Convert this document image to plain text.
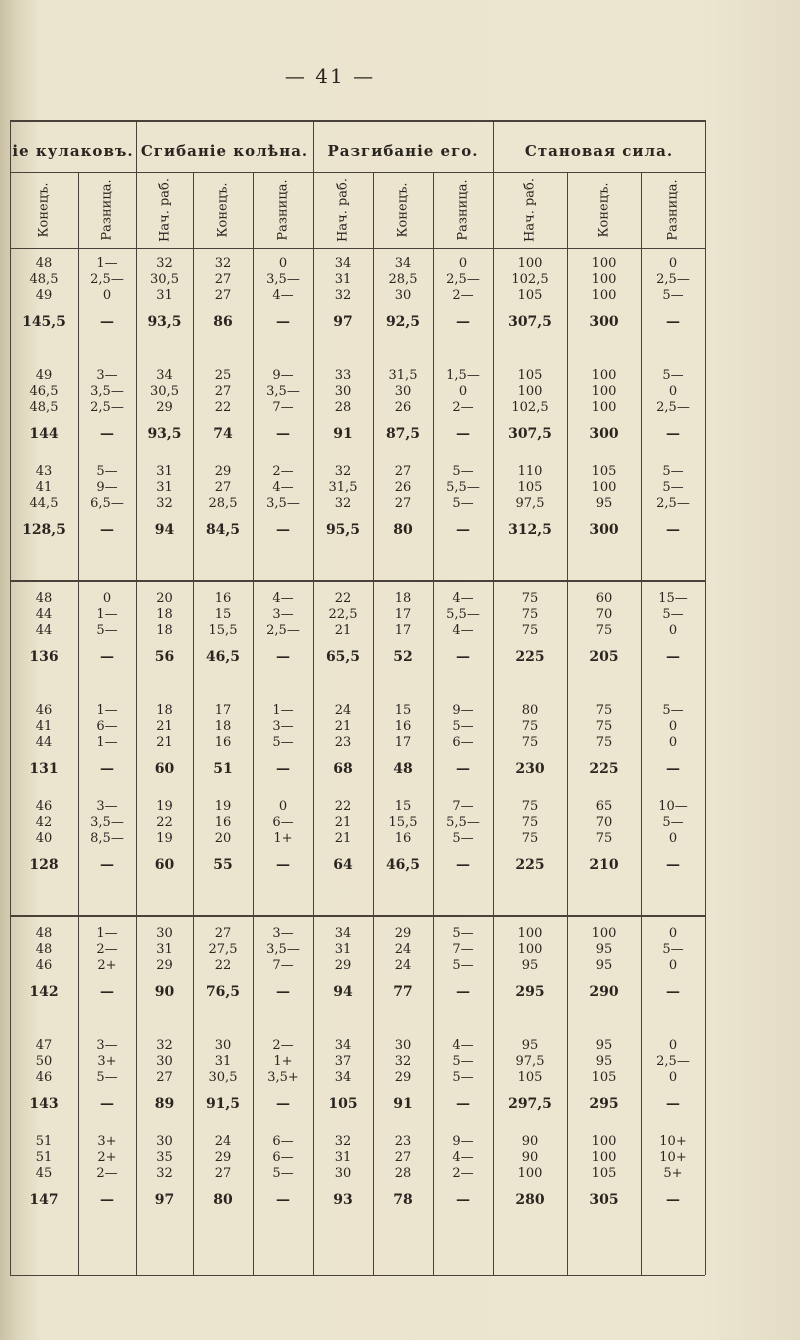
— 41 —
іе кулаковъ. Сгибаніе колѣна.	Разгибаніе его.	Становая сила.
Конецъ.	Разница.	Нач. раб.	Конецъ.	Разница.	Нач. раб.	Конецъ.	Разница.	Нач. раб.	Конецъ.	Разница.
48	1—	32	32	0	34	34	0	100	100	0
48,5	2,5—	30,5	27	3,5—	31	28,5	2,5—	102,5	100	2,5—
49	0	31	27	4—	32	30	2—	105	100	5—
145,5	—	93,5	86	—	97	92,5	—	307,5	300	—
49	3—	34	25	9—	33	31,5	1,5—	105	100	5—
46,5	3,5—	30,5	27	3,5—	30	30	0	100	100	0
48,5	2,5—	29	22	7—	28	26	2—	102,5	100	2,5—
144	—	93,5	74	—	91	87,5	—	307,5	300	—
43	5—	31	29	2—	32	27	5—	110	105	5—
41	9—	31	27	4—	31,5	26	5,5—	105	100	5—
44,5	6,5—	32	28,5	3,5—	32	27	5—	97,5	95	2,5—
128,5	—	94	84,5	—	95,5	80	—	312,5	300	—
48	0	20	16	4—	22	18	4—	75	60	15—
44	1—	18	15	3—	22,5	17	5,5—	75	70	5—
44	5—	18	15,5	2,5—	21	17	4—	75	75	0
136	—	56	46,5	—	65,5	52	—	225	205	—
46	1—	18	17	1—	24	15	9—	80	75	5—
41	6—	21	18	3—	21	16	5—	75	75	0
44	1—	21	16	5—	23	17	6—	75	75	0
131	—	60	51	—	68	48	—	230	225	—
46	3—	19	19	0	22	15	7—	75	65	10—
42	3,5—	22	16	6—	21	15,5	5,5—	75	70	5—
40	8,5—	19	20	1+	21	16	5—	75	75	0
128	—	60	55	—	64	46,5	—	225	210	—
48	1—	30	27	3—	34	29	5—	100	100	0
48	2—	31	27,5	3,5—	31	24	7—	100	95	5—
46	2+	29	22	7—	29	24	5—	95	95	0
142	—	90	76,5	—	94	77	—	295	290	—
47	3—	32	30	2—	34	30	4—	95	95	0
50	3+	30	31	1+	37	32	5—	97,5	95	2,5—
46	5—	27	30,5	3,5+	34	29	5—	105	105	0
143	—	89	91,5	—	105	91	—	297,5	295	—
51	3+	30	24	6—	32	23	9—	90	100	10+
51	2+	35	29	6—	31	27	4—	90	100	10+
45	2—	32	27	5—	30	28	2—	100	105	5+
147	—	97	80	—	93	78	—	280	305	—
